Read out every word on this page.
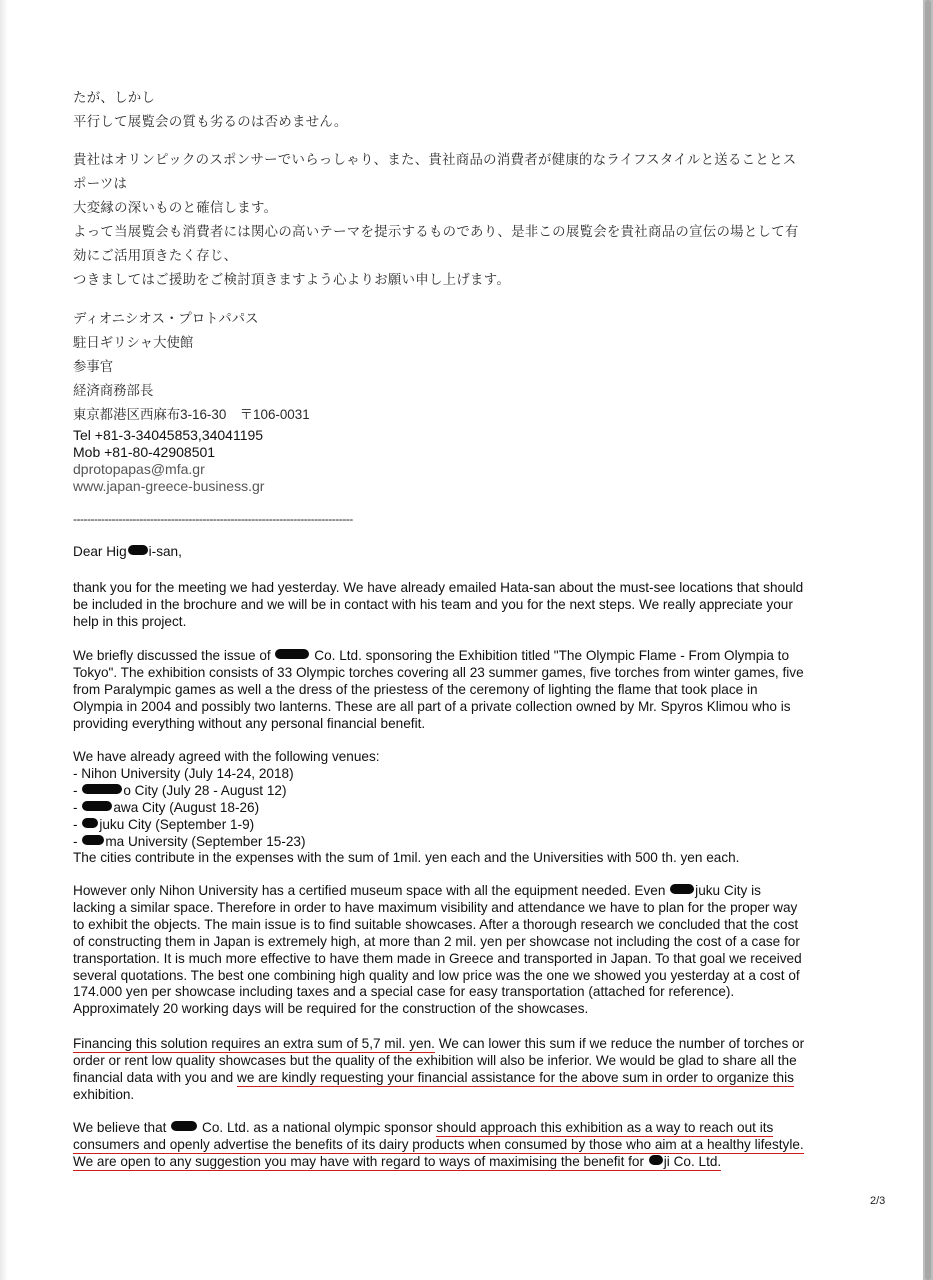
たが、しかし
平行して展覧会の質も劣るのは否めません。
貴社はオリンピックのスポンサーでいらっしゃり、また、貴社商品の消費者が健康的なライフスタイルと送ることとス
ポーツは
大変縁の深いものと確信します。
よって当展覧会も消費者には関心の高いテーマを提示するものであり、是非この展覧会を貴社商品の宣伝の場として有
効にご活用頂きたく存じ、
つきましてはご援助をご検討頂きますよう心よりお願い申し上げます。
ディオニシオス・プロトパパス
駐日ギリシャ大使館
参事官
経済商務部長
東京都港区西麻布3-16-30　〒106-0031
Tel +81-3-34045853,34041195
Mob +81-80-42908501
dprotopapas@mfa.gr
www.japan-greece-business.gr
--------------------------------------------------------------------------------
Dear Hig i-san,

thank you for the meeting we had yesterday. We have already emailed Hata-san about the must-see locations that should

be included in the brochure and we will be in contact with his team and you for the next steps. We really appreciate your

help in this project.

We briefly discussed the issue of	Co. Ltd. sponsoring the Exhibition titled "The Olympic Flame - From Olympia to

Tokyo". The exhibition consists of 33 Olympic torches covering all 23 summer games, five torches from winter games, five

from Paralympic games as well a the dress of the priestess of the ceremony of lighting the flame that took place in

Olympia in 2004 and possibly two lanterns. These are all part of a private collection owned by Mr. Spyros Klimou who is

providing everything without any personal financial benefit.

We have already agreed with the following venues:

- Nihon University (July 14-24, 2018)

-	o City (July 28 - August 12)

- awa City (August 18-26)

- juku City (September 1-9)

- ma University (September 15-23)

The cities contribute in the expenses with the sum of 1mil. yen each and the Universities with 500 th. yen each.

However only Nihon University has a certified museum space with all the equipment needed. Even juku City is

lacking a similar space. Therefore in order to have maximum visibility and attendance we have to plan for the proper way

to exhibit the objects. The main issue is to find suitable showcases. After a thorough research we concluded that the cost

of constructing them in Japan is extremely high, at more than 2 mil. yen per showcase not including the cost of a case for

transportation. It is much more effective to have them made in Greece and transported in Japan. To that goal we received

several quotations. The best one combining high quality and low price was the one we showed you yesterday at a cost of

174.000 yen per showcase including taxes and a special case for easy transportation (attached for reference).

Approximately 20 working days will be required for the construction of the showcases.

Financing this solution requires an extra sum of 5,7 mil. yen. We can lower this sum if we reduce the number of torches or

order or rent low quality showcases but the quality of the exhibition will also be inferior. We would be glad to share all the

financial data with you and we are kindly requesting your financial assistance for the above sum in order to organize this

exhibition.

We believe that  Co. Ltd. as a national olympic sponsor should approach this exhibition as a way to reach out its

consumers and openly advertise the benefits of its dairy products when consumed by those who aim at a healthy lifestyle.

We are open to any suggestion you may have with regard to ways of maximising the benefit for ji Co. Ltd.

2/3
